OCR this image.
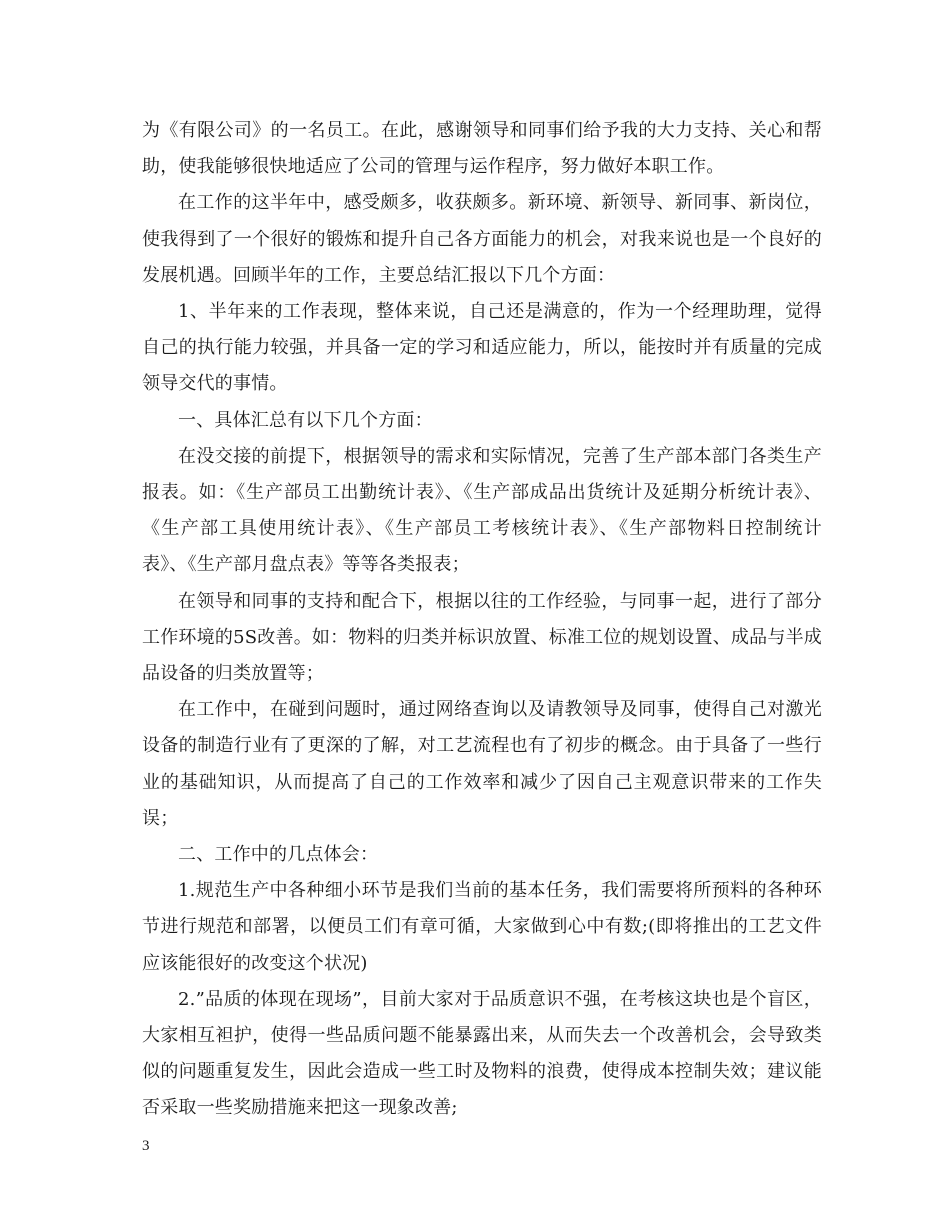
为《有限公司》的一名员工。在此，感谢领导和同事们给予我的大力支持、关心和帮助，使我能够很快地适应了公司的管理与运作程序，努力做好本职工作。

在工作的这半年中，感受颇多，收获颇多。新环境、新领导、新同事、新岗位，使我得到了一个很好的锻炼和提升自己各方面能力的机会，对我来说也是一个良好的发展机遇。回顾半年的工作，主要总结汇报以下几个方面：

1、半年来的工作表现，整体来说，自己还是满意的，作为一个经理助理，觉得自己的执行能力较强，并具备一定的学习和适应能力，所以，能按时并有质量的完成领导交代的事情。

一、具体汇总有以下几个方面：

在没交接的前提下，根据领导的需求和实际情况，完善了生产部本部门各类生产报表。如：《生产部员工出勤统计表》、《生产部成品出货统计及延期分析统计表》、《生产部工具使用统计表》、《生产部员工考核统计表》、《生产部物料日控制统计表》、《生产部月盘点表》等等各类报表；

在领导和同事的支持和配合下，根据以往的工作经验，与同事一起，进行了部分工作环境的5S改善。如：物料的归类并标识放置、标准工位的规划设置、成品与半成品设备的归类放置等；

在工作中，在碰到问题时，通过网络查询以及请教领导及同事，使得自己对激光设备的制造行业有了更深的了解，对工艺流程也有了初步的概念。由于具备了一些行业的基础知识，从而提高了自己的工作效率和减少了因自己主观意识带来的工作失误；

二、工作中的几点体会：

1.规范生产中各种细小环节是我们当前的基本任务，我们需要将所预料的各种环节进行规范和部署，以便员工们有章可循，大家做到心中有数;(即将推出的工艺文件应该能很好的改变这个状况)

2.”品质的体现在现场”，目前大家对于品质意识不强，在考核这块也是个盲区，大家相互袒护，使得一些品质问题不能暴露出来，从而失去一个改善机会，会导致类似的问题重复发生，因此会造成一些工时及物料的浪费，使得成本控制失效；建议能否采取一些奖励措施来把这一现象改善;

3
